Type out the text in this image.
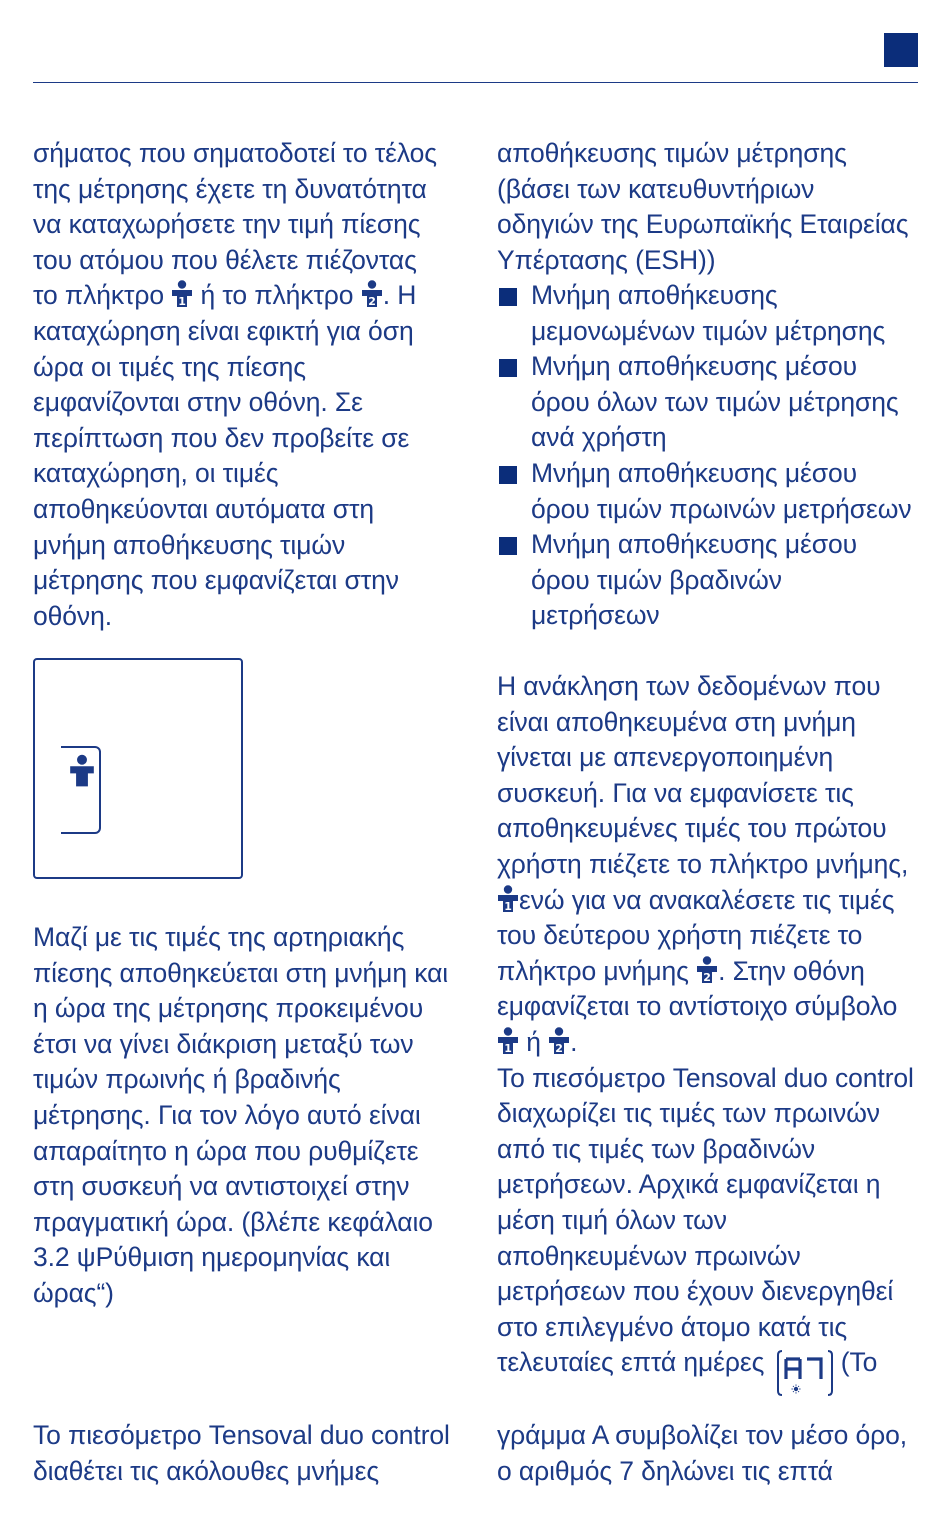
σήματος που σηματοδοτεί το τέλος
της μέτρησης έχετε τη δυνατότητα
να καταχωρήσετε την τιμή πίεσης
του ατόμου που θέλετε πιέζοντας
το πλήκτρο 1 ή το πλήκτρο 2 . Η
καταχώρηση είναι εφικτή για όση
ώρα οι τιμές της πίεσης
εμφανίζονται στην οθόνη. Σε
περίπτωση που δεν προβείτε σε
καταχώρηση, οι τιμές
αποθηκεύονται αυτόματα στη
μνήμη αποθήκευσης τιμών
μέτρησης που εμφανίζεται στην
οθόνη.
Μαζί με τις τιμές της αρτηριακής
πίεσης αποθηκεύεται στη μνήμη και
η ώρα της μέτρησης προκειμένου
έτσι να γίνει διάκριση μεταξύ των
τιμών πρωινής ή βραδινής
μέτρησης. Για τον λόγο αυτό είναι
απαραίτητο η ώρα που ρυθμίζετε
στη συσκευή να αντιστοιχεί στην
πραγματική ώρα. (βλέπε κεφάλαιο
3.2 ψΡύθμιση ημερομηνίας και
ώρας“)
Το πιεσόμετρο Tensoval duo control
διαθέτει τις ακόλουθες μνήμες
αποθήκευσης τιμών μέτρησης
(βάσει των κατευθυντήριων
οδηγιών της Ευρωπαϊκής Εταιρείας
Υπέρτασης (ESH))
Μνήμη αποθήκευσης
μεμονωμένων τιμών μέτρησης
Μνήμη αποθήκευσης μέσου
όρου όλων των τιμών μέτρησης
ανά χρήστη
Μνήμη αποθήκευσης μέσου
όρου τιμών πρωινών μετρήσεων
Μνήμη αποθήκευσης μέσου
όρου τιμών βραδινών
μετρήσεων
Η ανάκληση των δεδομένων που
είναι αποθηκευμένα στη μνήμη
γίνεται με απενεργοποιημένη
συσκευή. Για να εμφανίσετε τις
αποθηκευμένες τιμές του πρώτου
χρήστη πιέζετε το πλήκτρο μνήμης,
1 ενώ για να ανακαλέσετε τις τιμές
του δεύτερου χρήστη πιέζετε το
πλήκτρο μνήμης 2 . Στην οθόνη
εμφανίζεται το αντίστοιχο σύμβολο
1 ή 2 .
Το πιεσόμετρο Tensoval duo control
διαχωρίζει τις τιμές των πρωινών
από τις τιμές των βραδινών
μετρήσεων. Αρχικά εμφανίζεται η
μέση τιμή όλων των
αποθηκευμένων πρωινών
μετρήσεων που έχουν διενεργηθεί
στο επιλεγμένο άτομο κατά τις
τελευταίες επτά ημέρες  (Το
γράμμα Α συμβολίζει τον μέσο όρο,
ο αριθμός 7 δηλώνει τις επτά
